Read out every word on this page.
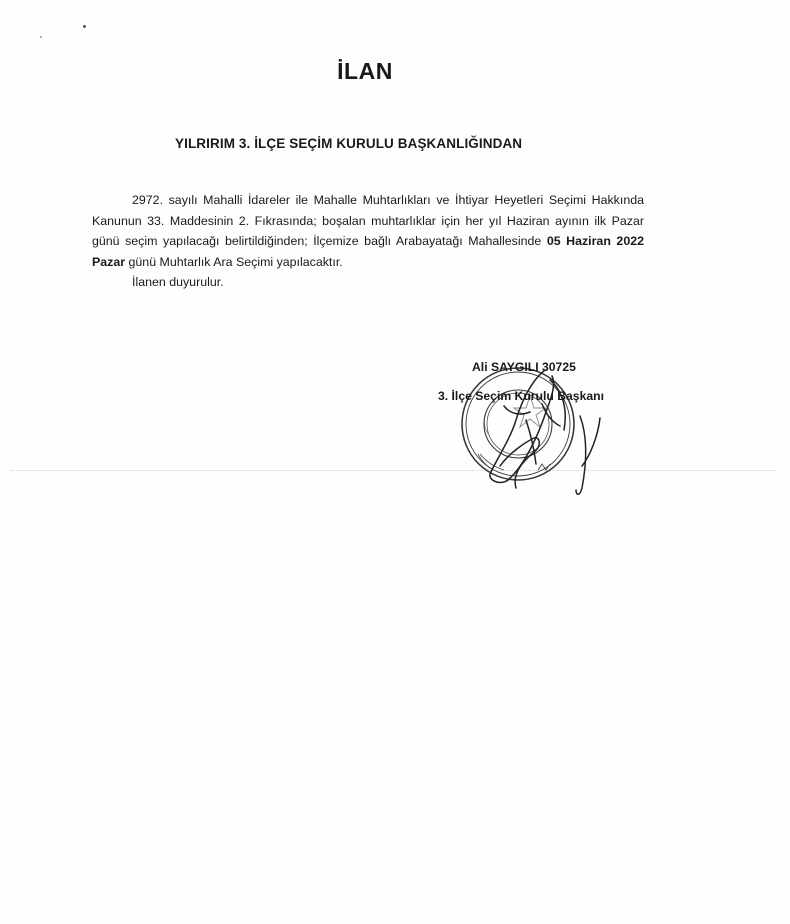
İLAN
YILRIRIM 3. İLÇE SEÇİM KURULU BAŞKANLIĞINDAN

2972. sayılı Mahalli İdareler ile Mahalle Muhtarlıkları ve İhtiyar Heyetleri Seçimi Hakkında Kanunun 33. Maddesinin 2. Fıkrasında; boşalan muhtarlıklar için her yıl Haziran ayının ilk Pazar günü seçim yapılacağı belirtildiğinden; İlçemize bağlı Arabayatağı Mahallesinde 05 Haziran 2022 Pazar günü Muhtarlık Ara Seçimi yapılacaktır.

İlanen duyurulur.

Ali SAYGILI 30725
3. İlçe Seçim Kurulu Başkanı
